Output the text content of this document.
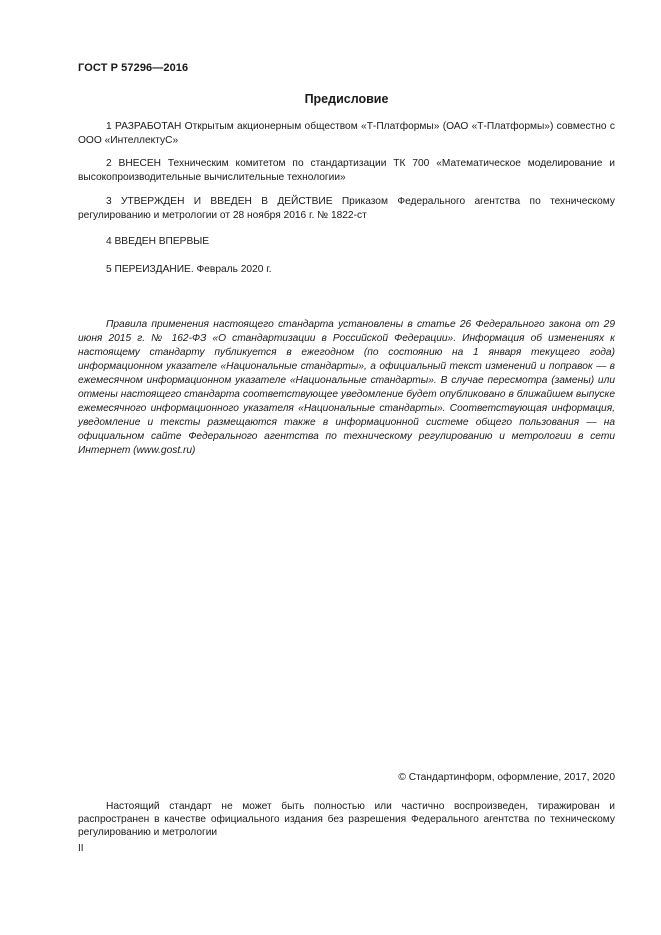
ГОСТ Р 57296—2016
Предисловие

1 РАЗРАБОТАН Открытым акционерным обществом «Т-Платформы» (ОАО «Т-Платформы») совместно с ООО «ИнтеллектуС»

2 ВНЕСЕН Техническим комитетом по стандартизации ТК 700 «Математическое моделирование и высокопроизводительные вычислительные технологии»

3 УТВЕРЖДЕН И ВВЕДЕН В ДЕЙСТВИЕ Приказом Федерального агентства по техническому регулированию и метрологии от 28 ноября 2016 г. № 1822-ст

4 ВВЕДЕН ВПЕРВЫЕ

5 ПЕРЕИЗДАНИЕ. Февраль 2020 г.

Правила применения настоящего стандарта установлены в статье 26 Федерального закона от 29 июня 2015 г. № 162-ФЗ «О стандартизации в Российской Федерации». Информация об изменениях к настоящему стандарту публикуется в ежегодном (по состоянию на 1 января текущего года) информационном указателе «Национальные стандарты», а официальный текст изменений и поправок — в ежемесячном информационном указателе «Национальные стандарты». В случае пересмотра (замены) или отмены настоящего стандарта соответствующее уведомление будет опубликовано в ближайшем выпуске ежемесячного информационного указателя «Национальные стандарты». Соответствующая информация, уведомление и тексты размещаются также в информационной системе общего пользования — на официальном сайте Федерального агентства по техническому регулированию и метрологии в сети Интернет (www.gost.ru)

© Стандартинформ, оформление, 2017, 2020

Настоящий стандарт не может быть полностью или частично воспроизведен, тиражирован и распространен в качестве официального издания без разрешения Федерального агентства по техническому регулированию и метрологии

II
